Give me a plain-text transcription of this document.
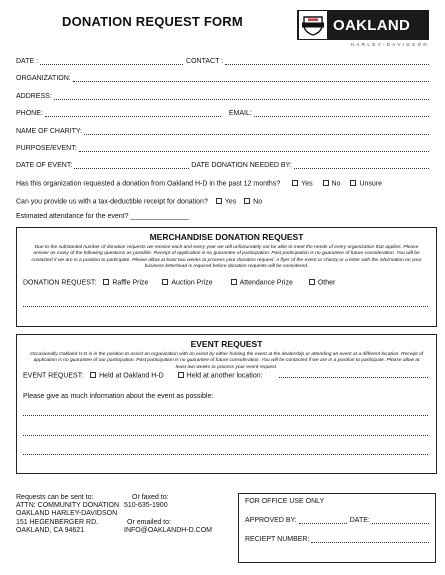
DONATION REQUEST FORM	OAKLAND
HARLEY-DAVIDSON
DATE :	CONTACT :
ORGANIZATION:
ADDRESS:
PHONE:	EMAIL:
NAME OF CHARITY:
PURPOSE/EVENT:
DATE OF EVENT:	DATE DONATION NEEDED BY:
Has this organization requested a donation from Oakland H-D in the past 12 months?	Yes	No	Unsure
Can you provide us with a tax-deductible receipt for donation? Yes No
Estimated attendance for the event? _______________
MERCHANDISE DONATION REQUEST
Due to the substantial number of donation requests we receive each and every year we will unfortunately not be able to meet the needs of every organization that applies. Please answer as many of the following questions as possible. Receipt of application is no guarantee of participation. Past participation is no guarantee of future consideration. You will be contacted if we are in a position to participate. Please allow at least two weeks to process your donation request. A flyer of the event or charity or a letter with the information on your business letterhead is required before donation requests will be considered.
DONATION REQUEST: Raffle Prize	Auction Prize	Attendance Prize	Other
EVENT REQUEST
Occasionally Oakland H-D is in the position to assist an organization with an event by either hosting the event at the dealership or attending an event at a different location. Receipt of application is no guarantee of our participation. Past participation is no guarantee of future consideration. You will be contacted if we are in a position to participate. Please allow at least two weeks to process your event request.
EVENT REQUEST: Held at Oakland H-D	Held at another location:
Please give as much information about the event as possible:
Requests can be sent to:
ATTN: COMMUNITY DONATION
OAKLAND HARLEY-DAVIDSON
151 HEGENBERGER RD.
OAKLAND, CA 94621
Or faxed to:
510-635-1900

Or emailed to:
INFO@OAKLANDH-D.COM
FOR OFFICE USE ONLY
APPROVED BY:	DATE:
RECIEPT NUMBER:
